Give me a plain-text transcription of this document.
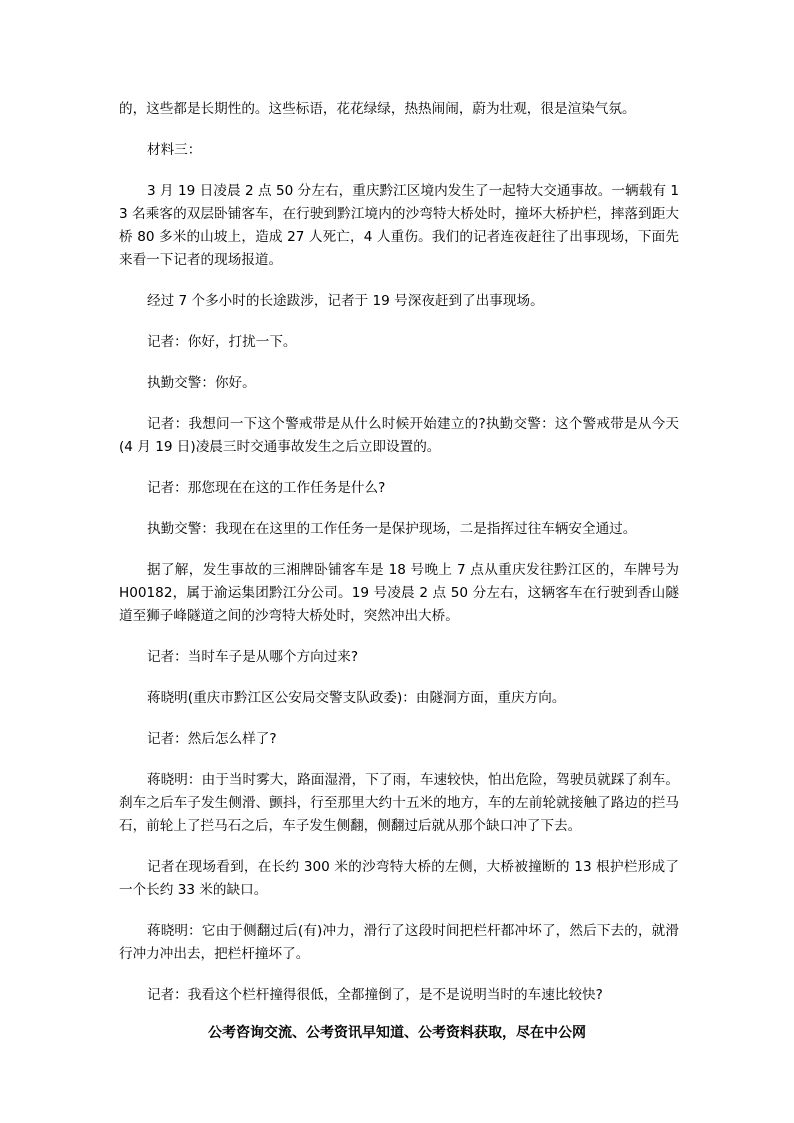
的，这些都是长期性的。这些标语，花花绿绿，热热闹闹，蔚为壮观，很是渲染气氛。

材料三：

3 月 19 日凌晨 2 点 50 分左右，重庆黔江区境内发生了一起特大交通事故。一辆载有 13 名乘客的双层卧铺客车，在行驶到黔江境内的沙弯特大桥处时，撞坏大桥护栏，摔落到距大桥 80 多米的山坡上，造成 27 人死亡，4 人重伤。我们的记者连夜赶往了出事现场，下面先来看一下记者的现场报道。

经过 7 个多小时的长途跋涉，记者于 19 号深夜赶到了出事现场。

记者：你好，打扰一下。

执勤交警：你好。

记者：我想问一下这个警戒带是从什么时候开始建立的?执勤交警：这个警戒带是从今天(4 月 19 日)凌晨三时交通事故发生之后立即设置的。

记者：那您现在在这的工作任务是什么?

执勤交警：我现在在这里的工作任务一是保护现场，二是指挥过往车辆安全通过。

据了解，发生事故的三湘牌卧铺客车是 18 号晚上 7 点从重庆发往黔江区的，车牌号为 H00182，属于渝运集团黔江分公司。19 号凌晨 2 点 50 分左右，这辆客车在行驶到香山隧道至狮子峰隧道之间的沙弯特大桥处时，突然冲出大桥。

记者：当时车子是从哪个方向过来?

蒋晓明(重庆市黔江区公安局交警支队政委)：由隧洞方面，重庆方向。

记者：然后怎么样了?

蒋晓明：由于当时雾大，路面湿滑，下了雨，车速较快，怕出危险，驾驶员就踩了刹车。刹车之后车子发生侧滑、颤抖，行至那里大约十五米的地方，车的左前轮就接触了路边的拦马石，前轮上了拦马石之后，车子发生侧翻，侧翻过后就从那个缺口冲了下去。

记者在现场看到，在长约 300 米的沙弯特大桥的左侧，大桥被撞断的 13 根护栏形成了一个长约 33 米的缺口。

蒋晓明：它由于侧翻过后(有)冲力，滑行了这段时间把栏杆都冲坏了，然后下去的，就滑行冲力冲出去，把栏杆撞坏了。

记者：我看这个栏杆撞得很低，全都撞倒了，是不是说明当时的车速比较快?

公考咨询交流、公考资讯早知道、公考资料获取，尽在中公网
